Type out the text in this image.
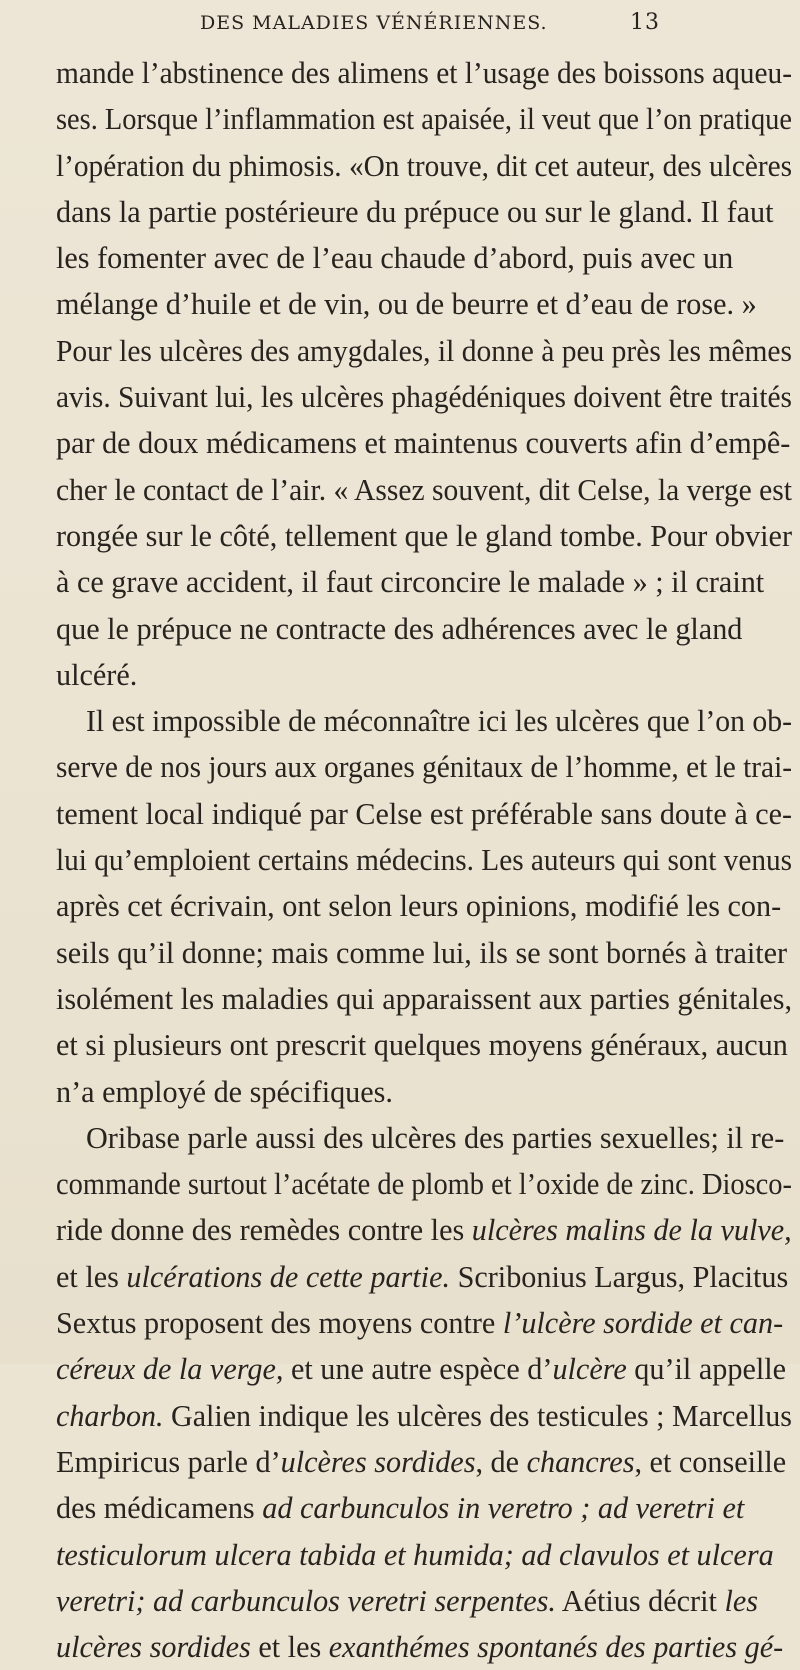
DES MALADIES VÉNÉRIENNES.	13
mande l’abstinence des alimens et l’usage des boissons aqueu-
ses. Lorsque l’inflammation est apaisée, il veut que l’on pratique
l’opération du phimosis. «On trouve, dit cet auteur, des ulcères
dans la partie postérieure du prépuce ou sur le gland. Il faut
les fomenter avec de l’eau chaude d’abord, puis avec un
mélange d’huile et de vin, ou de beurre et d’eau de rose. »
Pour les ulcères des amygdales, il donne à peu près les mêmes
avis. Suivant lui, les ulcères phagédéniques doivent être traités
par de doux médicamens et maintenus couverts afin d’empê-
cher le contact de l’air. « Assez souvent, dit Celse, la verge est
rongée sur le côté, tellement que le gland tombe. Pour obvier
à ce grave accident, il faut circoncire le malade » ; il craint
que le prépuce ne contracte des adhérences avec le gland
ulcéré.
Il est impossible de méconnaître ici les ulcères que l’on ob-
serve de nos jours aux organes génitaux de l’homme, et le trai-
tement local indiqué par Celse est préférable sans doute à ce-
lui qu’emploient certains médecins. Les auteurs qui sont venus
après cet écrivain, ont selon leurs opinions, modifié les con-
seils qu’il donne; mais comme lui, ils se sont bornés à traiter
isolément les maladies qui apparaissent aux parties génitales,
et si plusieurs ont prescrit quelques moyens généraux, aucun
n’a employé de spécifiques.
Oribase parle aussi des ulcères des parties sexuelles; il re-
commande surtout l’acétate de plomb et l’oxide de zinc. Diosco-
ride donne des remèdes contre les ulcères malins de la vulve,
et les ulcérations de cette partie. Scribonius Largus, Placitus
Sextus proposent des moyens contre l’ulcère sordide et can-
céreux de la verge, et une autre espèce d’ulcère qu’il appelle
charbon. Galien indique les ulcères des testicules ; Marcellus
Empiricus parle d’ulcères sordides, de chancres, et conseille
des médicamens ad carbunculos in veretro ; ad veretri et
testiculorum ulcera tabida et humida; ad clavulos et ulcera
veretri; ad carbunculos veretri serpentes. Aétius décrit les
ulcères sordides et les exanthémes spontanés des parties gé-
